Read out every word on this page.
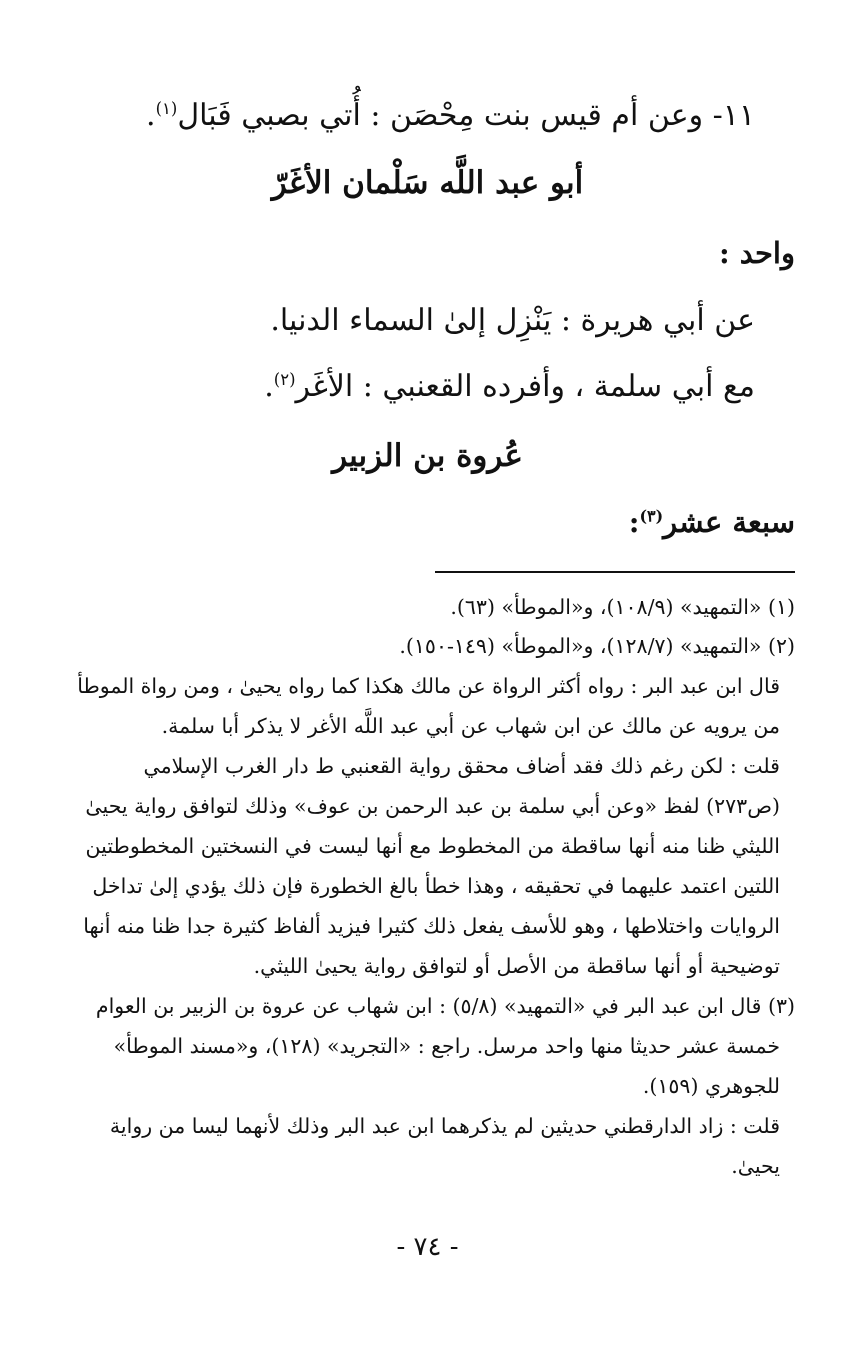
١١- وعن أم قيس بنت مِحْصَن : أُتي بصبي فَبَال$^{(١)}$.
أبو عبد اللَّه سَلْمان الأغَرّ
واحد :
عن أبي هريرة : يَنْزِل إلىٰ السماء الدنيا.
مع أبي سلمة ، وأفرده القعنبي : الأغَر$^{(٢)}$.
عُروة بن الزبير
سبعة عشر$^{(٣)}$:
(١) «التمهيد» (١٠٨/٩)، و«الموطأ» (٦٣).
(٢) «التمهيد» (١٢٨/٧)، و«الموطأ» (١٤٩-١٥٠).
قال ابن عبد البر : رواه أكثر الرواة عن مالك هكذا كما رواه يحيىٰ ، ومن رواة الموطأ
من يرويه عن مالك عن ابن شهاب عن أبي عبد اللَّه الأغر لا يذكر أبا سلمة.
قلت : لكن رغم ذلك فقد أضاف محقق رواية القعنبي ط دار الغرب الإسلامي
(ص٢٧٣) لفظ «وعن أبي سلمة بن عبد الرحمن بن عوف» وذلك لتوافق رواية يحيىٰ
الليثي ظنا منه أنها ساقطة من المخطوط مع أنها ليست في النسختين المخطوطتين
اللتين اعتمد عليهما في تحقيقه ، وهذا خطأ بالغ الخطورة فإن ذلك يؤدي إلىٰ تداخل
الروايات واختلاطها ، وهو للأسف يفعل ذلك كثيرا فيزيد ألفاظ كثيرة جدا ظنا منه أنها
توضيحية أو أنها ساقطة من الأصل أو لتوافق رواية يحيىٰ الليثي.
(٣) قال ابن عبد البر في «التمهيد» (٥/٨) : ابن شهاب عن عروة بن الزبير بن العوام
خمسة عشر حديثا منها واحد مرسل. راجع : «التجريد» (١٢٨)، و«مسند الموطأ»
للجوهري (١٥٩).
قلت : زاد الدارقطني حديثين لم يذكرهما ابن عبد البر وذلك لأنهما ليسا من رواية
يحيىٰ.
- ٧٤ -
